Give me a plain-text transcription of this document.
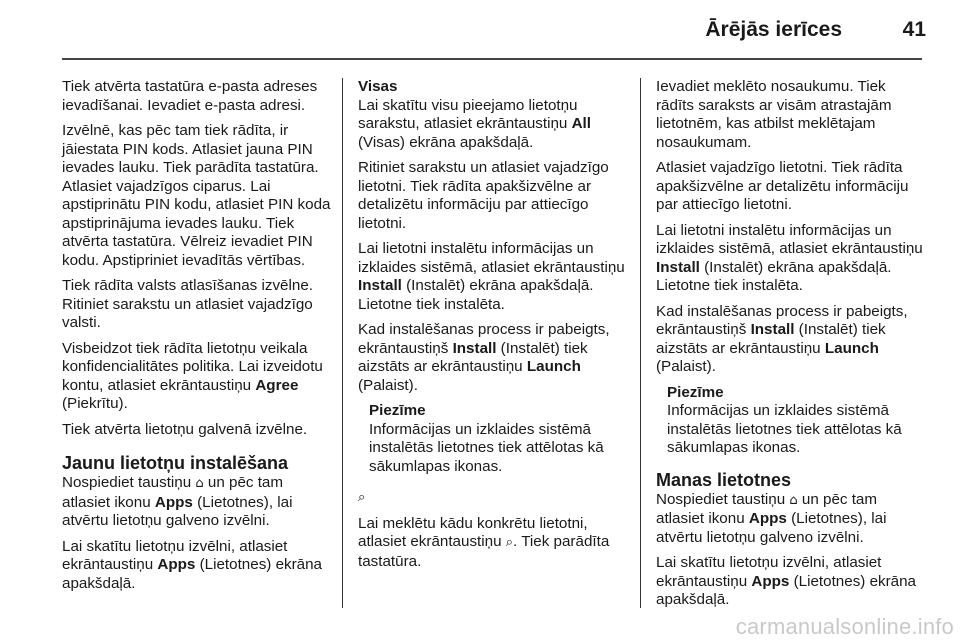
Ārējās ierīces	41

Tiek atvērta tastatūra e-pasta adreses ievadīšanai. Ievadiet e-pasta adresi.

Izvēlnē, kas pēc tam tiek rādīta, ir jāiestata PIN kods. Atlasiet jauna PIN ievades lauku. Tiek parādīta tastatūra. Atlasiet vajadzīgos ciparus. Lai apstiprinātu PIN kodu, atlasiet PIN koda apstiprinājuma ievades lauku. Tiek atvērta tastatūra. Vēlreiz ievadiet PIN kodu. Apstipriniet ievadītās vērtības.

Tiek rādīta valsts atlasīšanas izvēlne. Ritiniet sarakstu un atlasiet vajadzīgo valsti.

Visbeidzot tiek rādīta lietotņu veikala konfidencialitātes politika. Lai izveidotu kontu, atlasiet ekrāntaustiņu Agree (Piekrītu).

Tiek atvērta lietotņu galvenā izvēlne.

Jaunu lietotņu instalēšana

Nospiediet taustiņu ⌂ un pēc tam atlasiet ikonu Apps (Lietotnes), lai atvērtu lietotņu galveno izvēlni.

Lai skatītu lietotņu izvēlni, atlasiet ekrāntaustiņu Apps (Lietotnes) ekrāna apakšdaļā.

Visas

Lai skatītu visu pieejamo lietotņu sarakstu, atlasiet ekrāntaustiņu All (Visas) ekrāna apakšdaļā.

Ritiniet sarakstu un atlasiet vajadzīgo lietotni. Tiek rādīta apakšizvēlne ar detalizētu informāciju par attiecīgo lietotni.

Lai lietotni instalētu informācijas un izklaides sistēmā, atlasiet ekrāntaustiņu Install (Instalēt) ekrāna apakšdaļā. Lietotne tiek instalēta.

Kad instalēšanas process ir pabeigts, ekrāntaustiņš Install (Instalēt) tiek aizstāts ar ekrāntaustiņu Launch (Palaist).

Piezīme
Informācijas un izklaides sistēmā instalētās lietotnes tiek attēlotas kā sākumlapas ikonas.

⌕

Lai meklētu kādu konkrētu lietotni, atlasiet ekrāntaustiņu ⌕. Tiek parādīta tastatūra.

Ievadiet meklēto nosaukumu. Tiek rādīts saraksts ar visām atrastajām lietotnēm, kas atbilst meklētajam nosaukumam.

Atlasiet vajadzīgo lietotni. Tiek rādīta apakšizvēlne ar detalizētu informāciju par attiecīgo lietotni.

Lai lietotni instalētu informācijas un izklaides sistēmā, atlasiet ekrāntaustiņu Install (Instalēt) ekrāna apakšdaļā. Lietotne tiek instalēta.

Kad instalēšanas process ir pabeigts, ekrāntaustiņš Install (Instalēt) tiek aizstāts ar ekrāntaustiņu Launch (Palaist).

Piezīme
Informācijas un izklaides sistēmā instalētās lietotnes tiek attēlotas kā sākumlapas ikonas.
Manas lietotnes

Nospiediet taustiņu ⌂ un pēc tam atlasiet ikonu Apps (Lietotnes), lai atvērtu lietotņu galveno izvēlni.

Lai skatītu lietotņu izvēlni, atlasiet ekrāntaustiņu Apps (Lietotnes) ekrāna apakšdaļā.

carmanualsonline.info
